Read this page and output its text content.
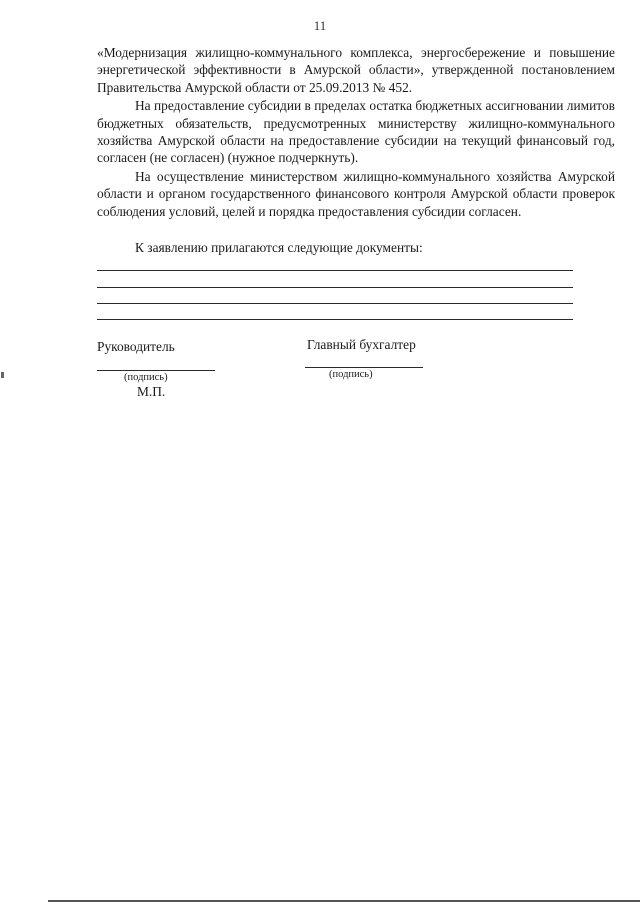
11

«Модернизация жилищно-коммунального комплекса, энергосбережение и повышение энергетической эффективности в Амурской области», утвержденной постановлением Правительства Амурской области от 25.09.2013 № 452.

На предоставление субсидии в пределах остатка бюджетных ассигновании лимитов бюджетных обязательств, предусмотренных министерству жилищно-коммунального хозяйства Амурской области на предоставление субсидии на текущий финансовый год, согласен (не согласен) (нужное подчеркнуть).

На осуществление министерством жилищно-коммунального хозяйства Амурской области и органом государственного финансового контроля Амурской области проверок соблюдения условий, целей и порядка предоставления субсидии согласен.

К заявлению прилагаются следующие документы:
Руководитель	Главный бухгалтер
(подпись)	(подпись)
М.П.
